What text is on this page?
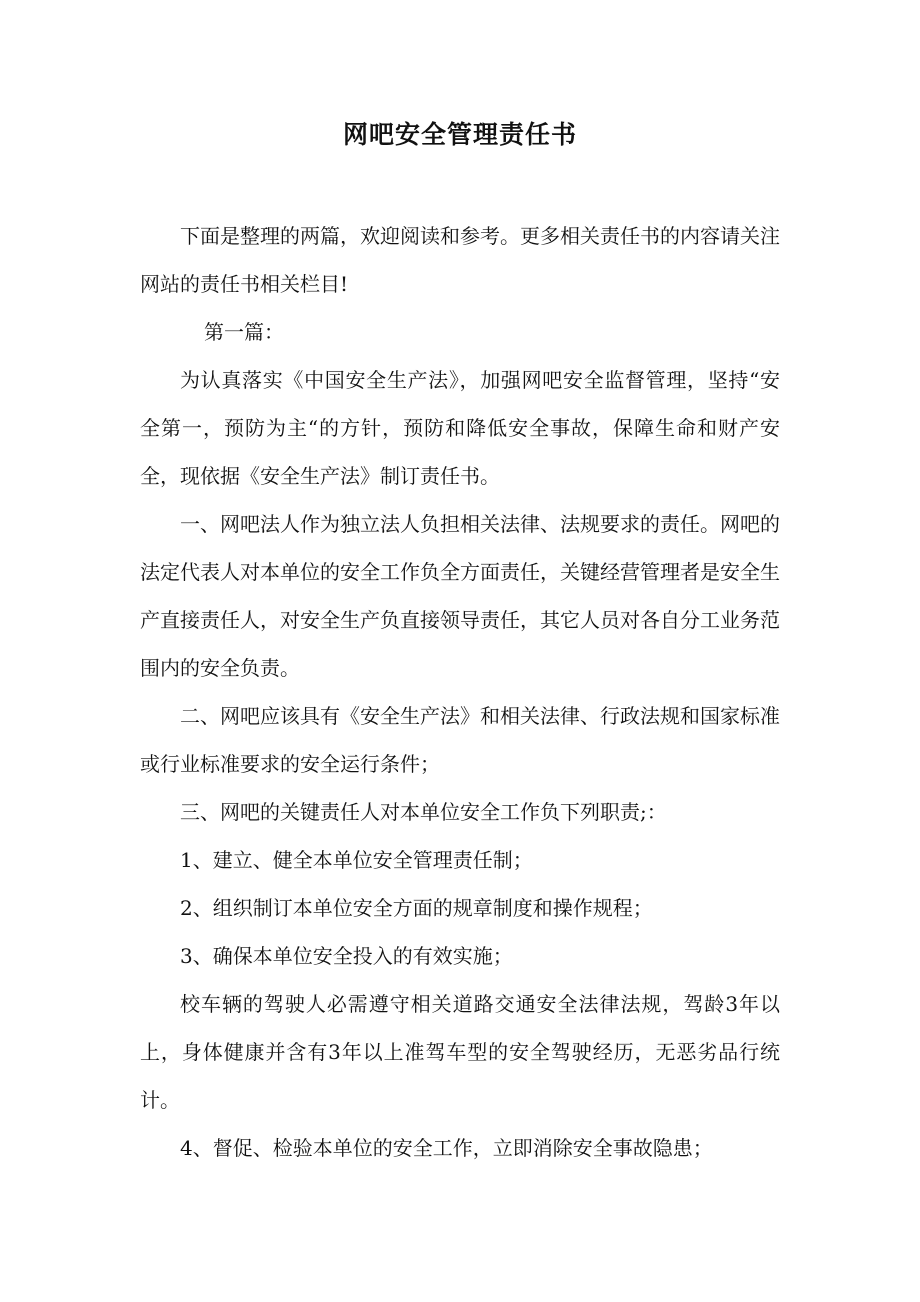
网吧安全管理责任书

下面是整理的两篇，欢迎阅读和参考。更多相关责任书的内容请关注网站的责任书相关栏目!

第一篇：

为认真落实《中国安全生产法》，加强网吧安全监督管理，坚持“安全第一，预防为主“的方针，预防和降低安全事故，保障生命和财产安全，现依据《安全生产法》制订责任书。

一、网吧法人作为独立法人负担相关法律、法规要求的责任。网吧的法定代表人对本单位的安全工作负全方面责任，关键经营管理者是安全生产直接责任人，对安全生产负直接领导责任，其它人员对各自分工业务范围内的安全负责。

二、网吧应该具有《安全生产法》和相关法律、行政法规和国家标准或行业标准要求的安全运行条件；

三、网吧的关键责任人对本单位安全工作负下列职责;：

1、建立、健全本单位安全管理责任制；

2、组织制订本单位安全方面的规章制度和操作规程；

3、确保本单位安全投入的有效实施；

校车辆的驾驶人必需遵守相关道路交通安全法律法规，驾龄3年以上，身体健康并含有3年以上准驾车型的安全驾驶经历，无恶劣品行统计。

4、督促、检验本单位的安全工作，立即消除安全事故隐患；
